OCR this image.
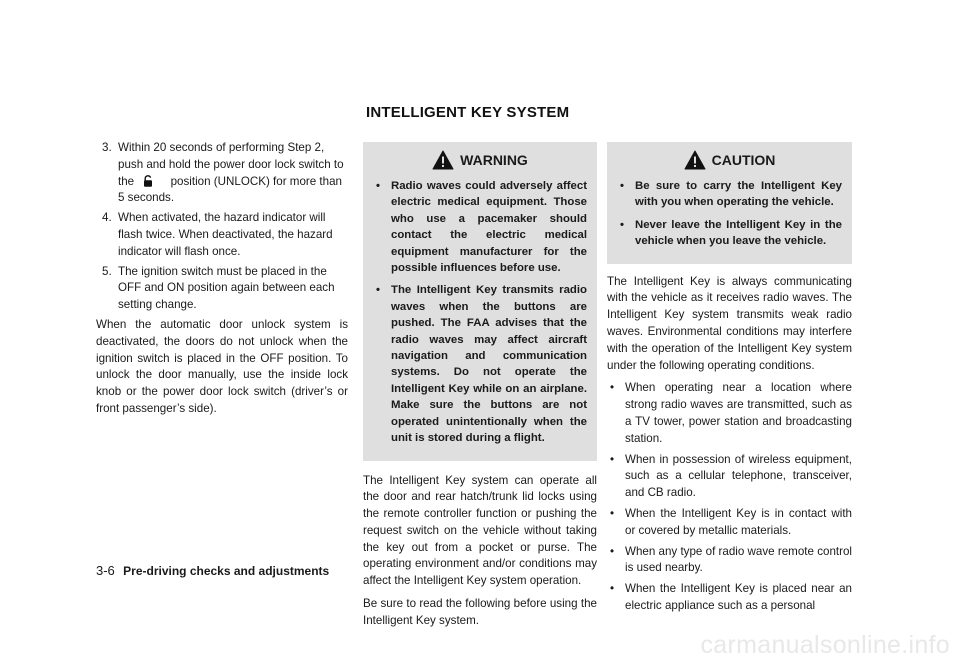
INTELLIGENT KEY SYSTEM
3. Within 20 seconds of performing Step 2, push and hold the power door lock switch to the	position (UNLOCK) for more than 5 seconds.
4. When activated, the hazard indicator will flash twice. When deactivated, the hazard indicator will flash once.
5. The ignition switch must be placed in the OFF and ON position again between each setting change.

When the automatic door unlock system is deactivated, the doors do not unlock when the ignition switch is placed in the OFF position. To unlock the door manually, use the inside lock knob or the power door lock switch (driver’s or front passenger’s side).

WARNING
• Radio waves could adversely affect electric medical equipment. Those who use a pacemaker should contact the electric medical equipment manufacturer for the possible influences before use.
• The Intelligent Key transmits radio waves when the buttons are pushed. The FAA advises that the radio waves may affect aircraft navigation and communication systems. Do not operate the Intelligent Key while on an airplane. Make sure the buttons are not operated unintentionally when the unit is stored during a flight.

The Intelligent Key system can operate all the door and rear hatch/trunk lid locks using the remote controller function or pushing the request switch on the vehicle without taking the key out from a pocket or purse. The operating environment and/or conditions may affect the Intelligent Key system operation.

Be sure to read the following before using the Intelligent Key system.

CAUTION
• Be sure to carry the Intelligent Key with you when operating the vehicle.
• Never leave the Intelligent Key in the vehicle when you leave the vehicle.

The Intelligent Key is always communicating with the vehicle as it receives radio waves. The Intelligent Key system transmits weak radio waves. Environmental conditions may interfere with the operation of the Intelligent Key system under the following operating conditions.

• When operating near a location where strong radio waves are transmitted, such as a TV tower, power station and broadcasting station.
• When in possession of wireless equipment, such as a cellular telephone, transceiver, and CB radio.
• When the Intelligent Key is in contact with or covered by metallic materials.
• When any type of radio wave remote control is used nearby.
• When the Intelligent Key is placed near an electric appliance such as a personal
3-6 Pre-driving checks and adjustments
carmanualsonline.info
